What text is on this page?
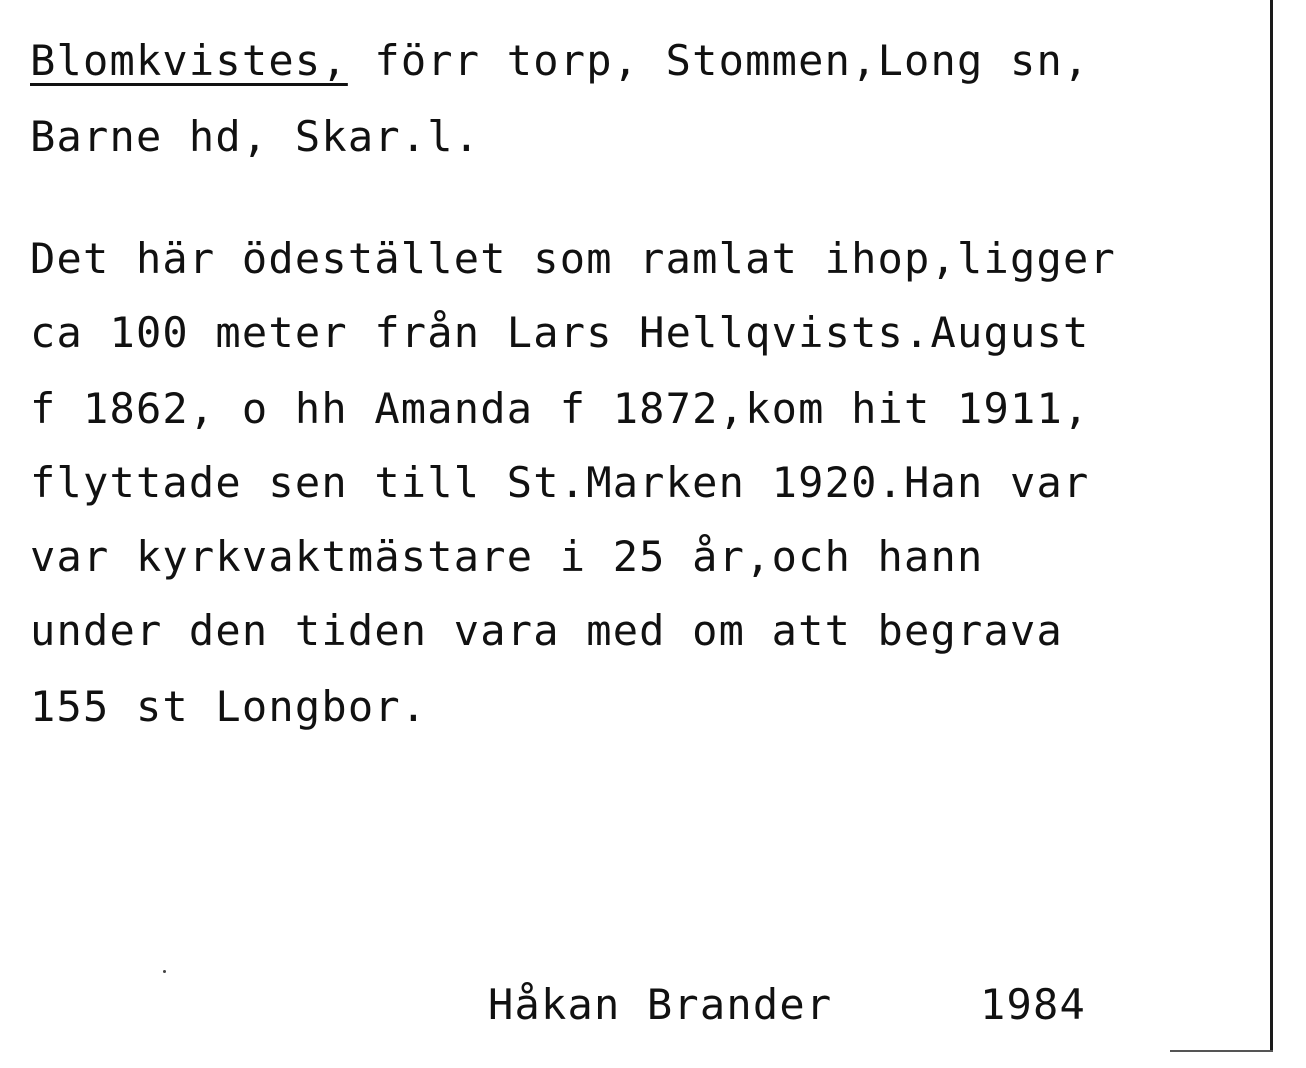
Blomkvistes, förr torp, Stommen,Long sn,
Barne hd, Skar.l.
Det här ödestället som ramlat ihop,ligger
ca 100 meter från Lars Hellqvists.August
f 1862, o hh Amanda f 1872,kom hit 1911,
flyttade sen till St.Marken 1920.Han var
var kyrkvaktmästare i 25 år,och hann
under den tiden vara med om att begrava
155 st Longbor.
Håkan Brander	1984
